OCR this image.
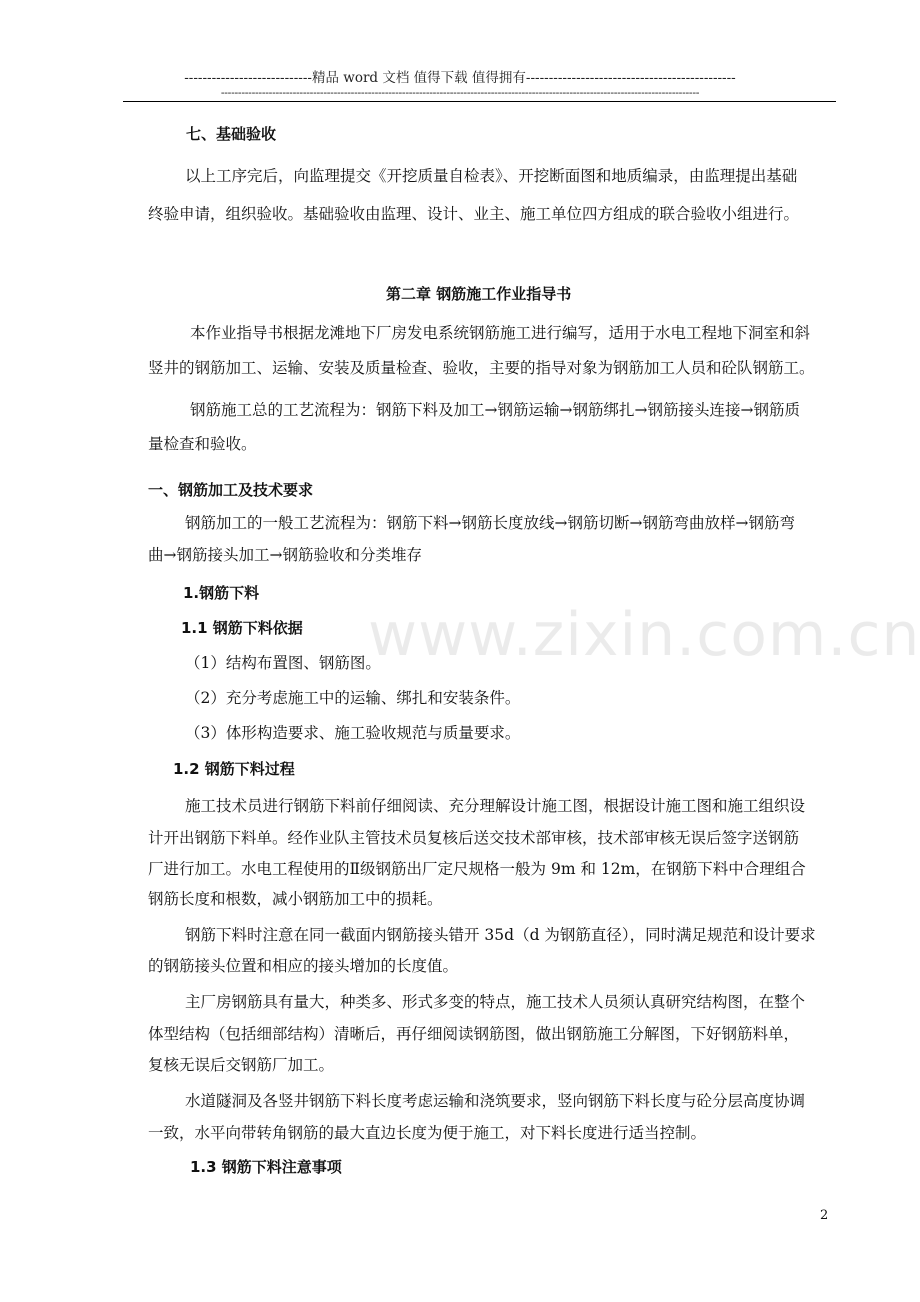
----------------------------精品 word 文档 值得下载 值得拥有----------------------------------------------
--------------------------------------------------------------------------------------------------------------------------------------------
www.zixin.com.cn
七、基础验收
以上工序完后，向监理提交《开挖质量自检表》、开挖断面图和地质编录，由监理提出基础
终验申请，组织验收。基础验收由监理、设计、业主、施工单位四方组成的联合验收小组进行。
第二章 钢筋施工作业指导书
本作业指导书根据龙滩地下厂房发电系统钢筋施工进行编写，适用于水电工程地下洞室和斜
竖井的钢筋加工、运输、安装及质量检查、验收，主要的指导对象为钢筋加工人员和砼队钢筋工。
钢筋施工总的工艺流程为：钢筋下料及加工→钢筋运输→钢筋绑扎→钢筋接头连接→钢筋质
量检查和验收。
一、钢筋加工及技术要求
钢筋加工的一般工艺流程为：钢筋下料→钢筋长度放线→钢筋切断→钢筋弯曲放样→钢筋弯
曲→钢筋接头加工→钢筋验收和分类堆存
1.钢筋下料
1.1 钢筋下料依据
（1）结构布置图、钢筋图。
（2）充分考虑施工中的运输、绑扎和安装条件。
（3）体形构造要求、施工验收规范与质量要求。
1.2 钢筋下料过程
施工技术员进行钢筋下料前仔细阅读、充分理解设计施工图，根据设计施工图和施工组织设
计开出钢筋下料单。经作业队主管技术员复核后送交技术部审核，技术部审核无误后签字送钢筋
厂进行加工。水电工程使用的Ⅱ级钢筋出厂定尺规格一般为 9m 和 12m，在钢筋下料中合理组合
钢筋长度和根数，减小钢筋加工中的损耗。
钢筋下料时注意在同一截面内钢筋接头错开 35d（d 为钢筋直径），同时满足规范和设计要求
的钢筋接头位置和相应的接头增加的长度值。
主厂房钢筋具有量大，种类多、形式多变的特点，施工技术人员须认真研究结构图，在整个
体型结构（包括细部结构）清晰后，再仔细阅读钢筋图，做出钢筋施工分解图，下好钢筋料单，
复核无误后交钢筋厂加工。
水道隧洞及各竖井钢筋下料长度考虑运输和浇筑要求，竖向钢筋下料长度与砼分层高度协调
一致，水平向带转角钢筋的最大直边长度为便于施工，对下料长度进行适当控制。
1.3 钢筋下料注意事项
2
